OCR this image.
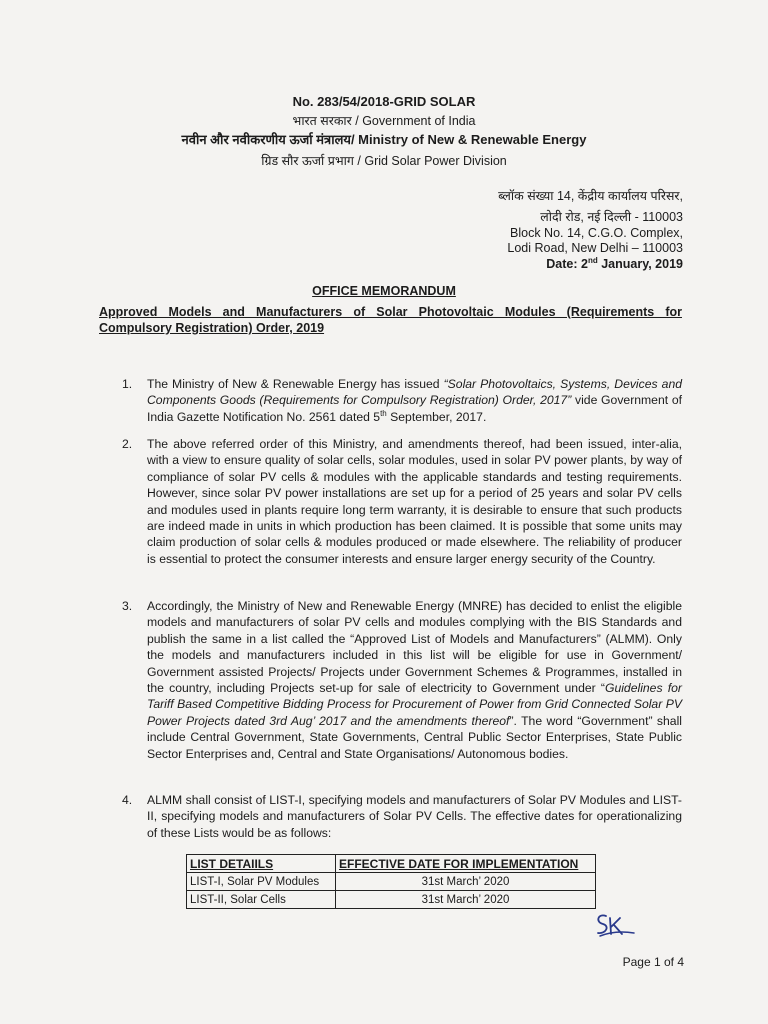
No. 283/54/2018-GRID SOLAR
भारत सरकार / Government of India
नवीन और नवीकरणीय ऊर्जा मंत्रालय/ Ministry of New & Renewable Energy
ग्रिड सौर ऊर्जा प्रभाग / Grid Solar Power Division
ब्लॉक संख्या 14, केंद्रीय कार्यालय परिसर,
लोदी रोड, नई दिल्ली - 110003
Block No. 14, C.G.O. Complex,
Lodi Road, New Delhi – 110003
Date: 2nd January, 2019
OFFICE MEMORANDUM
Approved Models and Manufacturers of Solar Photovoltaic Modules (Requirements for Compulsory Registration) Order, 2019
1. The Ministry of New & Renewable Energy has issued “Solar Photovoltaics, Systems, Devices and Components Goods (Requirements for Compulsory Registration) Order, 2017” vide Government of India Gazette Notification No. 2561 dated 5th September, 2017.
2. The above referred order of this Ministry, and amendments thereof, had been issued, inter-alia, with a view to ensure quality of solar cells, solar modules, used in solar PV power plants, by way of compliance of solar PV cells & modules with the applicable standards and testing requirements. However, since solar PV power installations are set up for a period of 25 years and solar PV cells and modules used in plants require long term warranty, it is desirable to ensure that such products are indeed made in units in which production has been claimed. It is possible that some units may claim production of solar cells & modules produced or made elsewhere. The reliability of producer is essential to protect the consumer interests and ensure larger energy security of the Country.
3. Accordingly, the Ministry of New and Renewable Energy (MNRE) has decided to enlist the eligible models and manufacturers of solar PV cells and modules complying with the BIS Standards and publish the same in a list called the “Approved List of Models and Manufacturers” (ALMM). Only the models and manufacturers included in this list will be eligible for use in Government/ Government assisted Projects/ Projects under Government Schemes & Programmes, installed in the country, including Projects set-up for sale of electricity to Government under “Guidelines for Tariff Based Competitive Bidding Process for Procurement of Power from Grid Connected Solar PV Power Projects dated 3rd Aug’ 2017 and the amendments thereof”. The word “Government” shall include Central Government, State Governments, Central Public Sector Enterprises, State Public Sector Enterprises and, Central and State Organisations/ Autonomous bodies.
4. ALMM shall consist of LIST-I, specifying models and manufacturers of Solar PV Modules and LIST-II, specifying models and manufacturers of Solar PV Cells. The effective dates for operationalizing of these Lists would be as follows:
LIST DETAIILS	EFFECTIVE DATE FOR IMPLEMENTATION
LIST-I, Solar PV Modules	31st March’ 2020
LIST-II, Solar Cells	31st March’ 2020
Page 1 of 4
